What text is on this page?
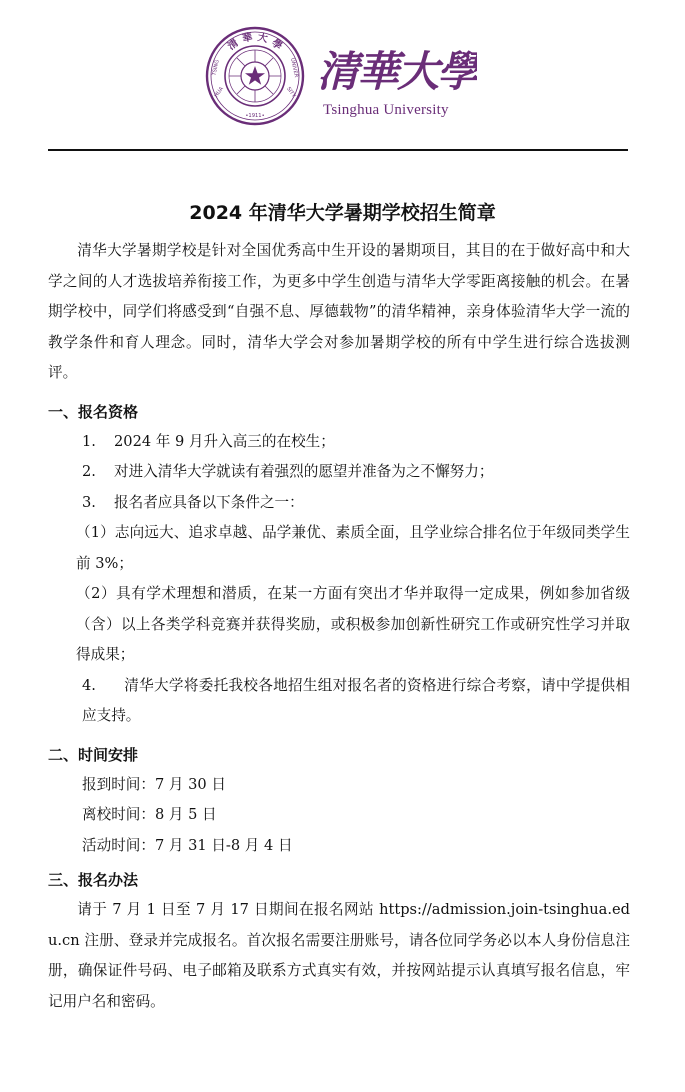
清 華 大 學
TSING
HUA	SITY
UNIVER
•1911•
清華大學
Tsinghua University
2024 年清华大学暑期学校招生简章

清华大学暑期学校是针对全国优秀高中生开设的暑期项目，其目的在于做好高中和大学之间的人才选拔培养衔接工作，为更多中学生创造与清华大学零距离接触的机会。在暑期学校中，同学们将感受到“自强不息、厚德载物”的清华精神，亲身体验清华大学一流的教学条件和育人理念。同时，清华大学会对参加暑期学校的所有中学生进行综合选拔测评。

一、报名资格

1. 2024 年 9 月升入高三的在校生；

2. 对进入清华大学就读有着强烈的愿望并准备为之不懈努力；

3. 报名者应具备以下条件之一：

（1）志向远大、追求卓越、品学兼优、素质全面，且学业综合排名位于年级同类学生前 3%；

（2）具有学术理想和潜质，在某一方面有突出才华并取得一定成果，例如参加省级（含）以上各类学科竞赛并获得奖励，或积极参加创新性研究工作或研究性学习并取得成果；

4. 清华大学将委托我校各地招生组对报名者的资格进行综合考察，请中学提供相应支持。

二、时间安排

报到时间：7 月 30 日

离校时间：8 月 5 日

活动时间：7 月 31 日-8 月 4 日

三、报名办法

请于 7 月 1 日至 7 月 17 日期间在报名网站 https://admission.join-tsinghua.edu.cn 注册、登录并完成报名。首次报名需要注册账号，请各位同学务必以本人身份信息注册，确保证件号码、电子邮箱及联系方式真实有效，并按网站提示认真填写报名信息，牢记用户名和密码。
